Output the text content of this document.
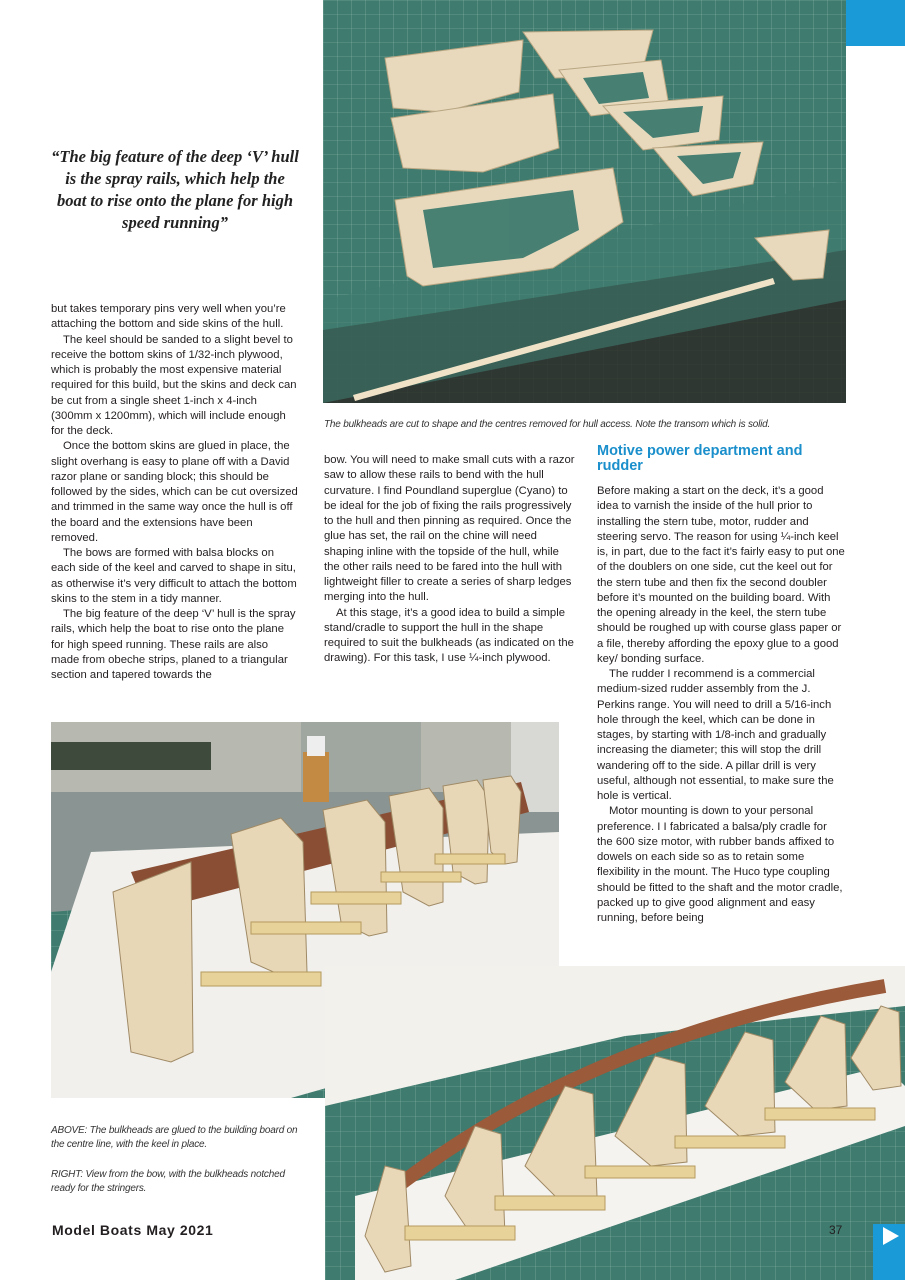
“The big feature of the deep ‘V’ hull is the spray rails, which help the boat to rise onto the plane for high speed running”
The bulkheads are cut to shape and the centres removed for hull access. Note the transom which is solid.

but takes temporary pins very well when you’re attaching the bottom and side skins of the hull.

The keel should be sanded to a slight bevel to receive the bottom skins of 1/32-inch plywood, which is probably the most expensive material required for this build, but the skins and deck can be cut from a single sheet 1-inch x 4-inch (300mm x 1200mm), which will include enough for the deck.

Once the bottom skins are glued in place, the slight overhang is easy to plane off with a David razor plane or sanding block; this should be followed by the sides, which can be cut oversized and trimmed in the same way once the hull is off the board and the extensions have been removed.

The bows are formed with balsa blocks on each side of the keel and carved to shape in situ, as otherwise it’s very difficult to attach the bottom skins to the stem in a tidy manner.

The big feature of the deep ‘V’ hull is the spray rails, which help the boat to rise onto the plane for high speed running. These rails are also made from obeche strips, planed to a triangular section and tapered towards the

bow. You will need to make small cuts with a razor saw to allow these rails to bend with the hull curvature. I find Poundland superglue (Cyano) to be ideal for the job of fixing the rails progressively to the hull and then pinning as required. Once the glue has set, the rail on the chine will need shaping inline with the topside of the hull, while the other rails need to be fared into the hull with lightweight filler to create a series of sharp ledges merging into the hull.

At this stage, it’s a good idea to build a simple stand/cradle to support the hull in the shape required to suit the bulkheads (as indicated on the drawing). For this task, I use ¼-inch plywood.

Motive power department and rudder

Before making a start on the deck, it’s a good idea to varnish the inside of the hull prior to installing the stern tube, motor, rudder and steering servo. The reason for using ¼-inch keel is, in part, due to the fact it’s fairly easy to put one of the doublers on one side, cut the keel out for the stern tube and then fix the second doubler before it’s mounted on the building board. With the opening already in the keel, the stern tube should be roughed up with course glass paper or a file, thereby affording the epoxy glue to a good key/ bonding surface.

The rudder I recommend is a commercial medium-sized rudder assembly from the J. Perkins range. You will need to drill a 5/16-inch hole through the keel, which can be done in stages, by starting with 1/8-inch and gradually increasing the diameter; this will stop the drill wandering off to the side. A pillar drill is very useful, although not essential, to make sure the hole is vertical.

Motor mounting is down to your personal preference. I I fabricated a balsa/ply cradle for the 600 size motor, with rubber bands affixed to dowels on each side so as to retain some flexibility in the mount. The Huco type coupling should be fitted to the shaft and the motor cradle, packed up to give good alignment and easy running, before being

ABOVE: The bulkheads are glued to the building board on the centre line, with the keel in place.
RIGHT: View from the bow, with the bulkheads notched ready for the stringers.
Model Boats May 2021	37
